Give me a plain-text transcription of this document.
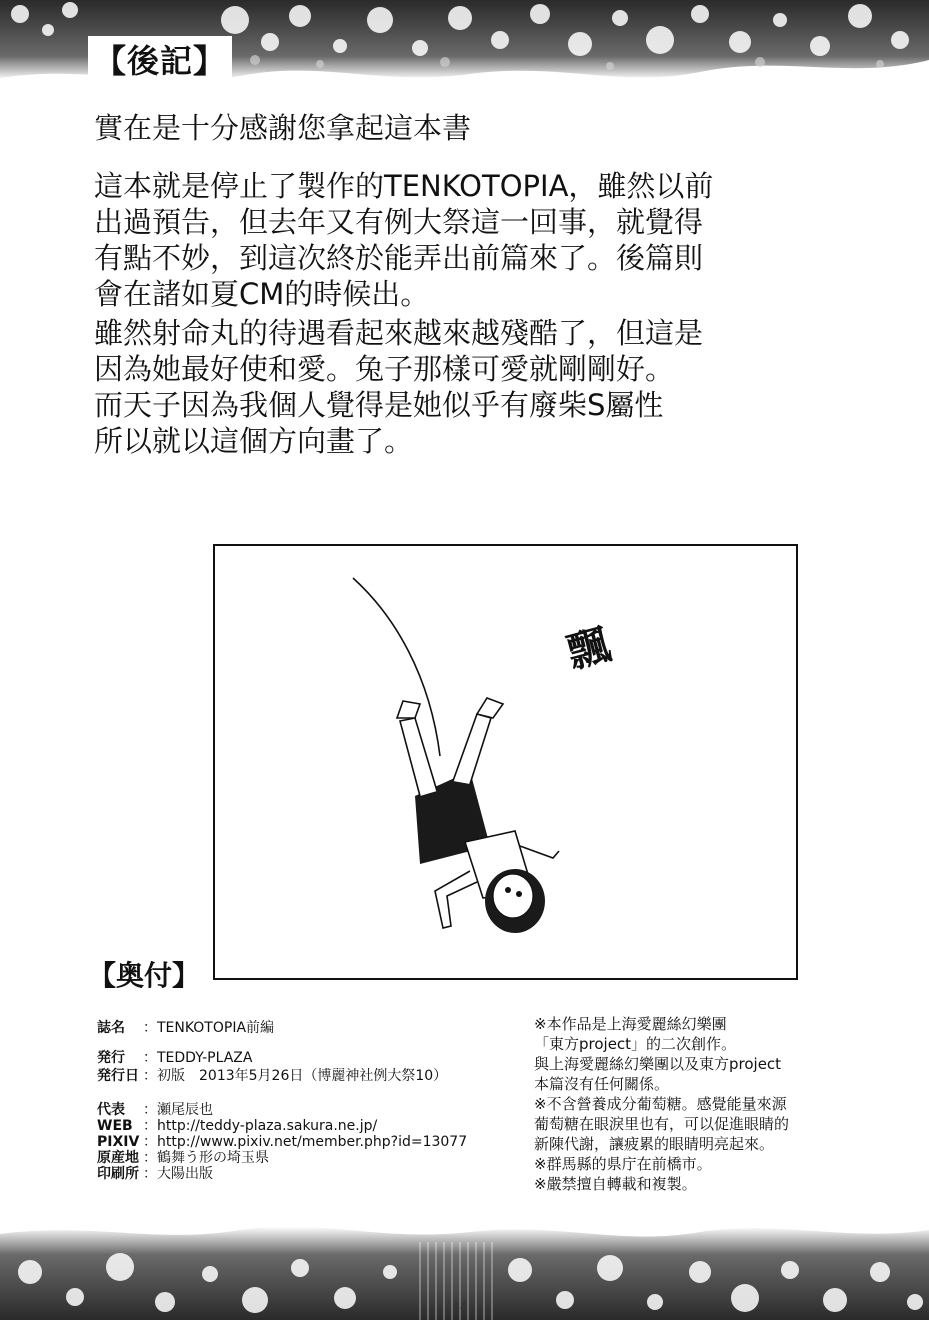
【後記】
實在是十分感謝您拿起這本書
這本就是停止了製作的TENKOTOPIA，雖然以前
出過預告，但去年又有例大祭這一回事，就覺得
有點不妙，到這次終於能弄出前篇來了。後篇則
會在諸如夏CM的時候出。
雖然射命丸的待遇看起來越來越殘酷了，但這是
因為她最好使和愛。兔子那樣可愛就剛剛好。
而天子因為我個人覺得是她似乎有廢柴S屬性
所以就以這個方向畫了。
飄
【奥付】
誌名 ：TENKOTOPIA前編
発行 ：TEDDY-PLAZA
発行日 ：初版　2013年5月26日（博麗神社例大祭10）
代表 ：瀬尾辰也
WEB ：http://teddy-plaza.sakura.ne.jp/
PIXIV ：http://www.pixiv.net/member.php?id=13077
原産地 ：鶴舞う形の埼玉県
印刷所 ：大陽出版
※本作品是上海愛麗絲幻樂團
「東方project」的二次創作。
與上海愛麗絲幻樂團以及東方project
本篇沒有任何關係。
※不含營養成分葡萄糖。感覺能量來源
葡萄糖在眼淚里也有，可以促進眼睛的
新陳代謝，讓疲累的眼睛明亮起來。
※群馬縣的県庁在前橋市。
※嚴禁擅自轉載和複製。
44
